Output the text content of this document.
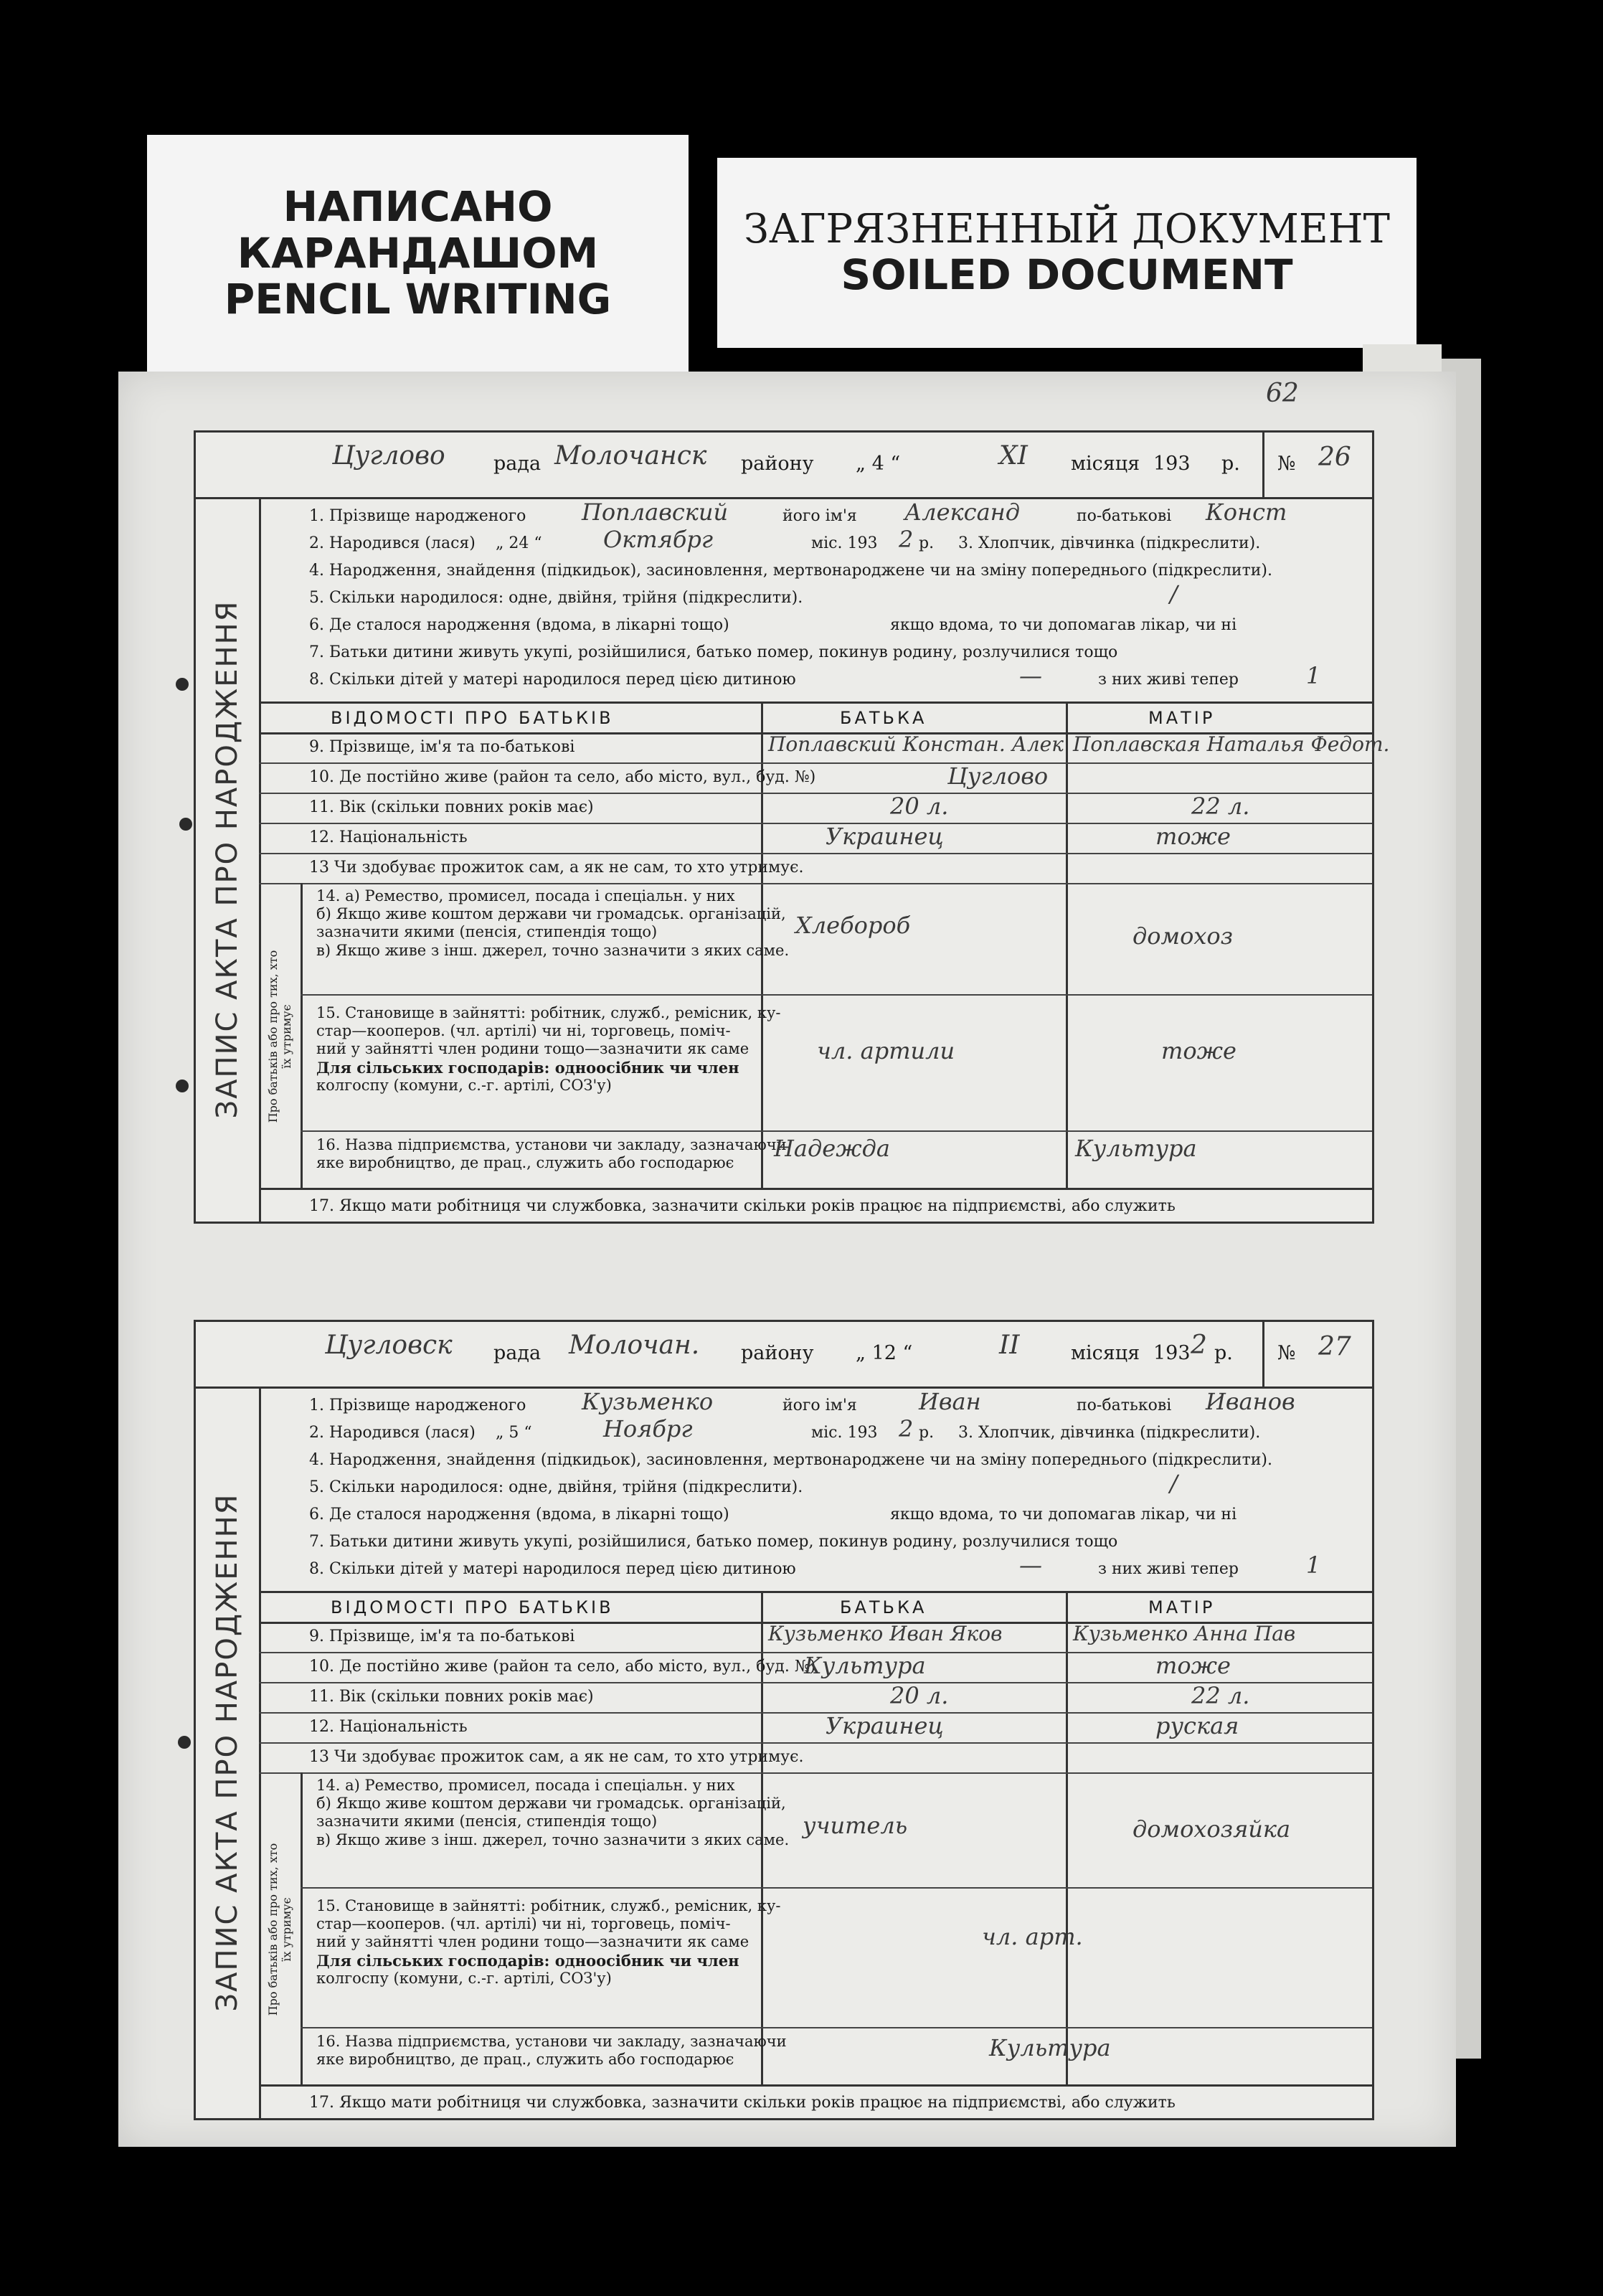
НАПИСАНО
КАРАНДАШОМ
PENCIL WRITING
ЗАГРЯЗНЕННЫЙ ДОКУМЕНТ
SOILED DOCUMENT
62
Цуглово рада Молочанск району „ 4 “	XI місяця 193 р. № 26
ЗАПИС АКТА ПРО НАРОДЖЕННЯ
1. Прізвище народженого Поплавский	його ім'я Александ	по-батькові Конст
2. Народився (лася) „ 24 “	Октябрг	міс. 193 2 р. 3. Хлопчик, дівчинка (підкреслити).
4. Народження, знайдення (підкидьок), засиновлення, мертвонароджене чи на зміну попереднього (підкреслити).
5. Скільки народилося: одне, двійня, трійня (підкреслити).	/
6. Де сталося народження (вдома, в лікарні тощо)	якщо вдома, то чи допомагав лікар, чи ні
7. Батьки дитини живуть укупі, розійшилися, батько помер, покинув родину, розлучилися тощо
8. Скільки дітей у матері народилося перед цією дитиною	—	з них живі тепер	1
ВІДОМОСТІ ПРО БАТЬКІВ	БАТЬКА	МАТІР
9. Прізвище, ім'я та по-батькові	Поплавский Констан. Алек Поплавская Наталья Федот.
10. Де постійно живе (район та село, або місто, вул., буд. №)	Цуглово
11. Вік (скільки повних років має)	20 л.	22 л.
12. Національність	Украинец	тоже
13 Чи здобуває прожиток сам, а як не сам, то хто утримує.
Про батьків або про тих, хто
їх утримує
14. а) Ремество, промисел, посада і спеціальн. у них
б) Якщо живе коштом держави чи громадськ. організацій,
зазначити якими (пенсія, стипендія тощо)
в) Якщо живе з інш. джерел, точно зазначити з яких саме.
Хлебороб	домохоз
15. Становище в зайнятті: робітник, служб., ремісник, ку-
стар—кооперов. (чл. артілі) чи ні, торговець, поміч-
ний у зайнятті член родини тощо—зазначити як саме
Для сільських господарів: одноосібник чи член
колгоспу (комуни, с.-г. артілі, СОЗ'у)
чл. артили	тоже
16. Назва підприємства, установи чи закладу, зазначаючи
яке виробництво, де прац., служить або господарює
Надежда	Культура
17. Якщо мати робітниця чи службовка, зазначити скільки років працює на підприємстві, або служить
Цугловск рада Молочан. району „ 12 “	II	місяця 193 2 р. № 27
ЗАПИС АКТА ПРО НАРОДЖЕННЯ
1. Прізвище народженого Кузьменко	його ім'я	Иван	по-батькові Иванов
2. Народився (лася) „ 5 “	Ноябрг	міс. 193 2 р. 3. Хлопчик, дівчинка (підкреслити).
4. Народження, знайдення (підкидьок), засиновлення, мертвонароджене чи на зміну попереднього (підкреслити).
5. Скільки народилося: одне, двійня, трійня (підкреслити).	/
6. Де сталося народження (вдома, в лікарні тощо)	якщо вдома, то чи допомагав лікар, чи ні
7. Батьки дитини живуть укупі, розійшилися, батько помер, покинув родину, розлучилися тощо
8. Скільки дітей у матері народилося перед цією дитиною	—	з них живі тепер	1
ВІДОМОСТІ ПРО БАТЬКІВ	БАТЬКА	МАТІР
9. Прізвище, ім'я та по-батькові	Кузьменко Иван Яков	Кузьменко Анна Пав
10. Де постійно живе (район та село, або місто, вул., буд. №)
Культура	тоже
11. Вік (скільки повних років має)	20 л.	22 л.
12. Національність	Украинец	руская
13 Чи здобуває прожиток сам, а як не сам, то хто утримує.
Про батьків або про тих, хто
їх утримує
14. а) Ремество, промисел, посада і спеціальн. у них
б) Якщо живе коштом держави чи громадськ. організацій,
зазначити якими (пенсія, стипендія тощо)
в) Якщо живе з інш. джерел, точно зазначити з яких саме.
учитель	домохозяйка
15. Становище в зайнятті: робітник, служб., ремісник, ку-
стар—кооперов. (чл. артілі) чи ні, торговець, поміч-
ний у зайнятті член родини тощо—зазначити як саме
Для сільських господарів: одноосібник чи член
колгоспу (комуни, с.-г. артілі, СОЗ'у)
чл. арт.
16. Назва підприємства, установи чи закладу, зазначаючи
яке виробництво, де прац., служить або господарює	Культура
17. Якщо мати робітниця чи службовка, зазначити скільки років працює на підприємстві, або служить
